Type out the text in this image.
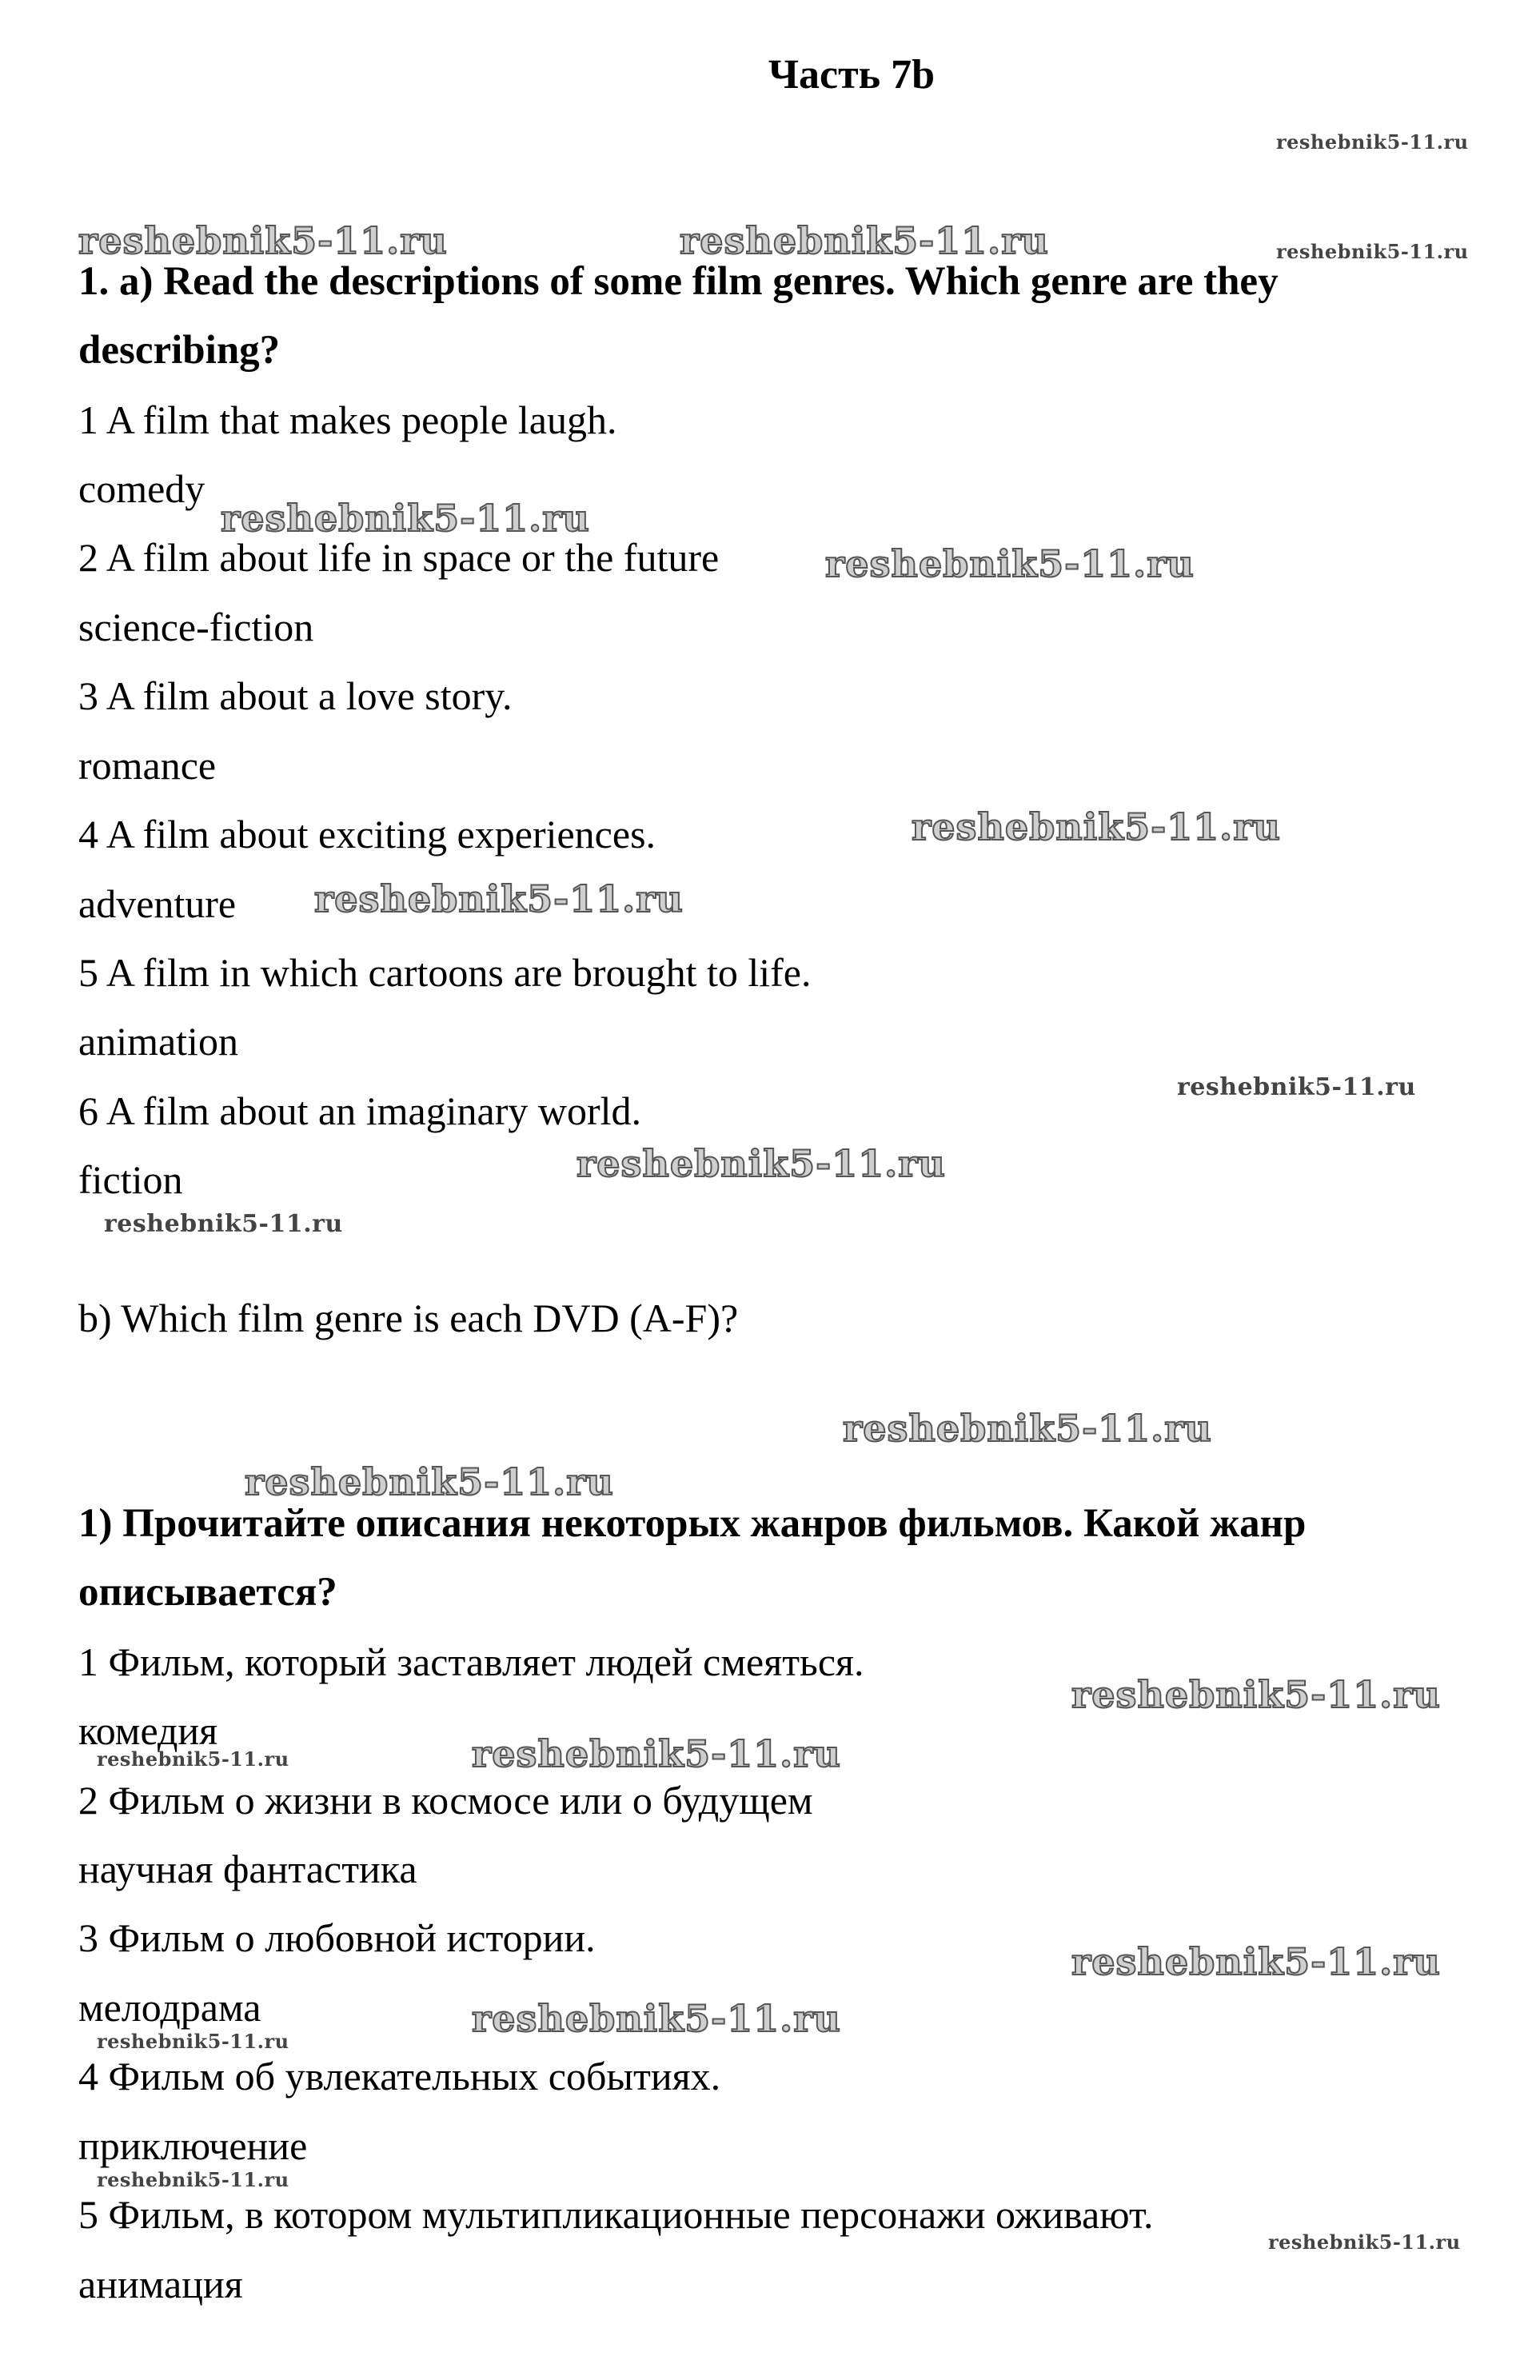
Часть 7b
1. a) Read the descriptions of some film genres. Which genre are they
describing?
1 A film that makes people laugh.
comedy
2 A film about life in space or the future
science-fiction
3 A film about a love story.
romance
4 A film about exciting experiences.
adventure
5 A film in which cartoons are brought to life.
animation
6 A film about an imaginary world.
fiction
b) Which film genre is each DVD (A-F)?
1) Прочитайте описания некоторых жанров фильмов. Какой жанр
описывается?
1 Фильм, который заставляет людей смеяться.
комедия
2 Фильм о жизни в космосе или о будущем
научная фантастика
3 Фильм о любовной истории.
мелодрама
4 Фильм об увлекательных событиях.
приключение
5 Фильм, в котором мультипликационные персонажи оживают.
анимация
reshebnik5-11.ru
reshebnik5-11.ru	reshebnik5-11.ru	reshebnik5-11.ru
reshebnik5-11.ru
reshebnik5-11.ru
reshebnik5-11.ru
reshebnik5-11.ru
reshebnik5-11.ru
reshebnik5-11.ru
reshebnik5-11.ru
reshebnik5-11.ru
reshebnik5-11.ru
reshebnik5-11.ru
reshebnik5-11.ru	reshebnik5-11.ru
reshebnik5-11.ru
reshebnik5-11.ru
reshebnik5-11.ru
reshebnik5-11.ru
reshebnik5-11.ru
